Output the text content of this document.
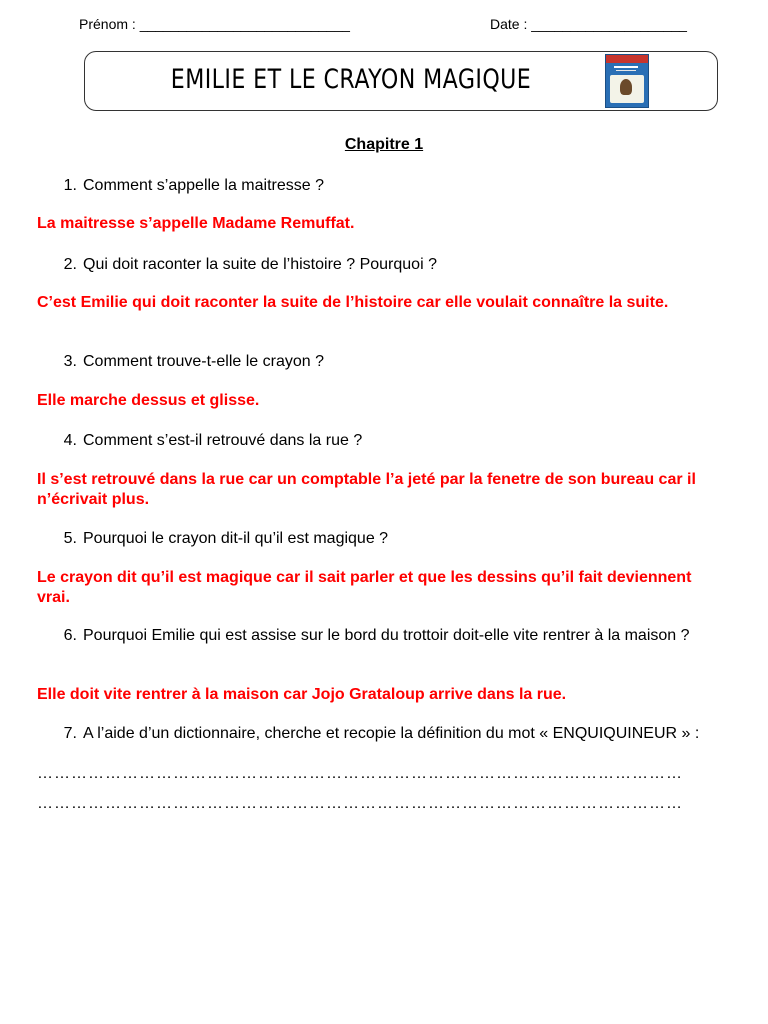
Prénom : ___________________________	Date : ____________________
EMILIE ET LE CRAYON MAGIQUE
Chapitre 1
1. Comment s’appelle la maitresse ?
La maitresse s’appelle Madame Remuffat.
2. Qui doit raconter la suite de l’histoire ? Pourquoi ?
C’est Emilie qui doit raconter la suite de l’histoire car elle voulait connaître la suite.
3. Comment trouve-t-elle le crayon ?
Elle marche dessus et glisse.
4. Comment s’est-il retrouvé dans la rue ?
Il s’est retrouvé dans la rue car un comptable l’a jeté par la fenetre de son bureau car il n’écrivait plus.
5. Pourquoi le crayon dit-il qu’il est magique ?
Le crayon dit qu’il est magique car il sait parler et que les dessins qu’il fait deviennent vrai.
6. Pourquoi Emilie qui est assise sur le bord du trottoir doit-elle vite rentrer à la maison ?
Elle doit vite rentrer à la maison car Jojo Grataloup arrive dans la rue.
7. A l’aide d’un dictionnaire, cherche et recopie la définition du mot « ENQUIQUINEUR » :
……………………………………………………………………………………………………
……………………………………………………………………………………………………
